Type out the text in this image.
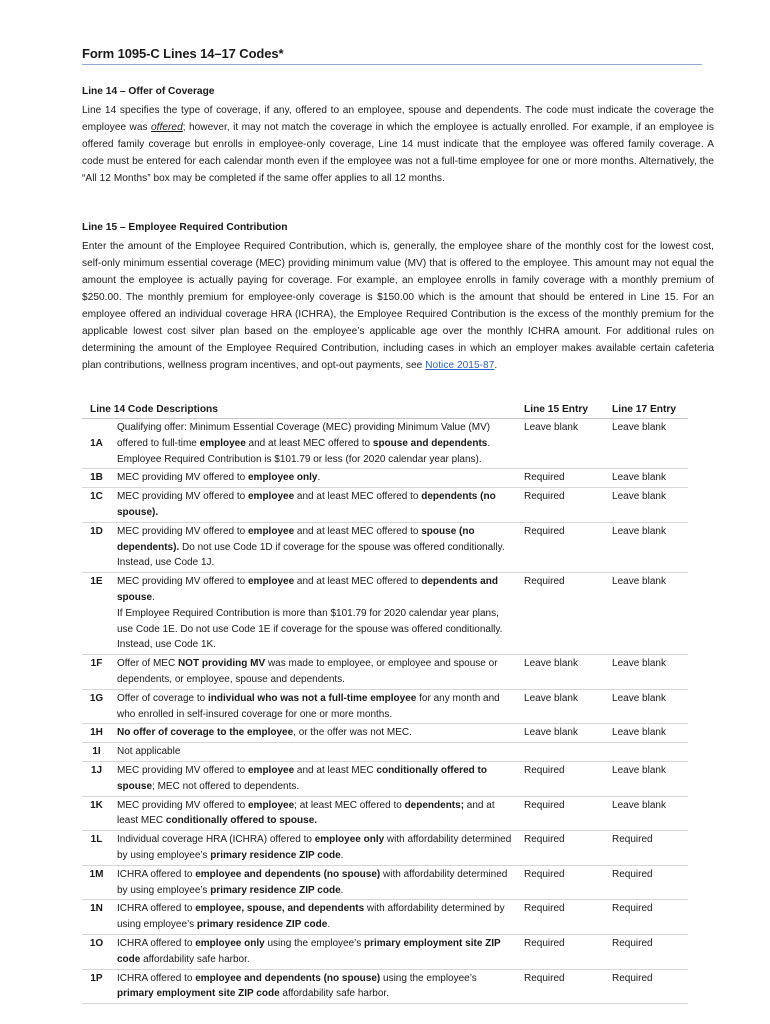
Form 1095-C Lines 14–17 Codes*

Line 14 – Offer of Coverage

Line 14 specifies the type of coverage, if any, offered to an employee, spouse and dependents. The code must indicate the coverage the employee was offered; however, it may not match the coverage in which the employee is actually enrolled. For example, if an employee is offered family coverage but enrolls in employee-only coverage, Line 14 must indicate that the employee was offered family coverage. A code must be entered for each calendar month even if the employee was not a full-time employee for one or more months. Alternatively, the “All 12 Months” box may be completed if the same offer applies to all 12 months.

Line 15 – Employee Required Contribution

Enter the amount of the Employee Required Contribution, which is, generally, the employee share of the monthly cost for the lowest cost, self-only minimum essential coverage (MEC) providing minimum value (MV) that is offered to the employee. This amount may not equal the amount the employee is actually paying for coverage. For example, an employee enrolls in family coverage with a monthly premium of $250.00. The monthly premium for employee-only coverage is $150.00 which is the amount that should be entered in Line 15. For an employee offered an individual coverage HRA (ICHRA), the Employee Required Contribution is the excess of the monthly premium for the applicable lowest cost silver plan based on the employee’s applicable age over the monthly ICHRA amount. For additional rules on determining the amount of the Employee Required Contribution, including cases in which an employer makes available certain cafeteria plan contributions, wellness program incentives, and opt-out payments, see Notice 2015-87.

Line 14 Code Descriptions		Line 15 Entry	Line 17 Entry
1A	Qualifying offer: Minimum Essential Coverage (MEC) providing Minimum Value (MV) offered to full-time employee and at least MEC offered to spouse and dependents. Employee Required Contribution is $101.79 or less (for 2020 calendar year plans).	Leave blank	Leave blank
1B	MEC providing MV offered to employee only.	Required	Leave blank
1C	MEC providing MV offered to employee and at least MEC offered to dependents (no spouse).	Required	Leave blank
1D	MEC providing MV offered to employee and at least MEC offered to spouse (no dependents). Do not use Code 1D if coverage for the spouse was offered conditionally. Instead, use Code 1J.	Required	Leave blank
1E	MEC providing MV offered to employee and at least MEC offered to dependents and spouse.
If Employee Required Contribution is more than $101.79 for 2020 calendar year plans, use Code 1E. Do not use Code 1E if coverage for the spouse was offered conditionally. Instead, use Code 1K.	Required	Leave blank
1F	Offer of MEC NOT providing MV was made to employee, or employee and spouse or dependents, or employee, spouse and dependents.	Leave blank	Leave blank
1G	Offer of coverage to individual who was not a full-time employee for any month and who enrolled in self-insured coverage for one or more months.	Leave blank	Leave blank
1H	No offer of coverage to the employee, or the offer was not MEC.	Leave blank	Leave blank
1I	Not applicable		
1J	MEC providing MV offered to employee and at least MEC conditionally offered to spouse; MEC not offered to dependents.	Required	Leave blank
1K	MEC providing MV offered to employee; at least MEC offered to dependents; and at least MEC conditionally offered to spouse.	Required	Leave blank
1L	Individual coverage HRA (ICHRA) offered to employee only with affordability determined by using employee’s primary residence ZIP code.	Required	Required
1M	ICHRA offered to employee and dependents (no spouse) with affordability determined by using employee’s primary residence ZIP code.	Required	Required
1N	ICHRA offered to employee, spouse, and dependents with affordability determined by using employee’s primary residence ZIP code.	Required	Required
1O	ICHRA offered to employee only using the employee’s primary employment site ZIP code affordability safe harbor.	Required	Required
1P	ICHRA offered to employee and dependents (no spouse) using the employee’s primary employment site ZIP code affordability safe harbor.	Required	Required
